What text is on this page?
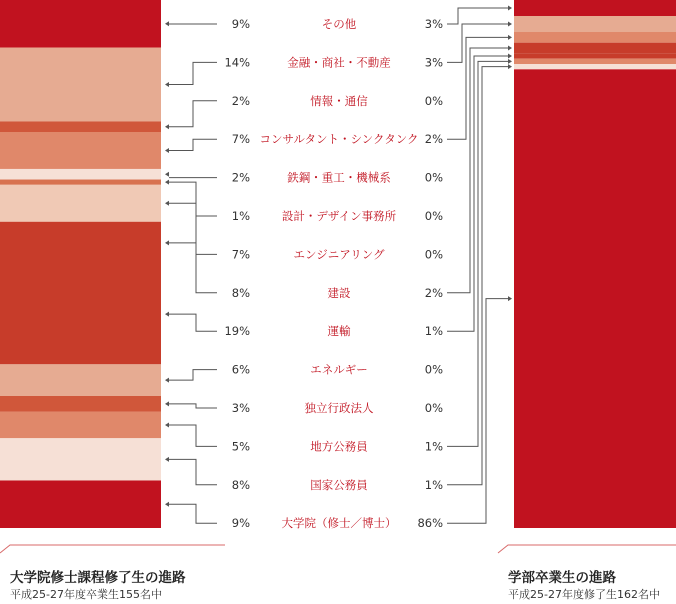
9%	その他	3%
14%	金融・商社・不動産	3%
2%	情報・通信	0%
7% コンサルタント・シンクタンク 2%
2%	鉄鋼・重工・機械系	0%
1%	設計・デザイン事務所 0%
7%	エンジニアリング	0%
8%	建設	2%
19%	運輸	1%
6%	エネルギー	0%
3%	独立行政法人	0%
5%	地方公務員	1%
8%	国家公務員	1%
9%	大学院（修士／博士） 86%
大学院修士課程修了生の進路
平成25-27年度卒業生155名中
学部卒業生の進路
平成25-27年度修了生162名中
